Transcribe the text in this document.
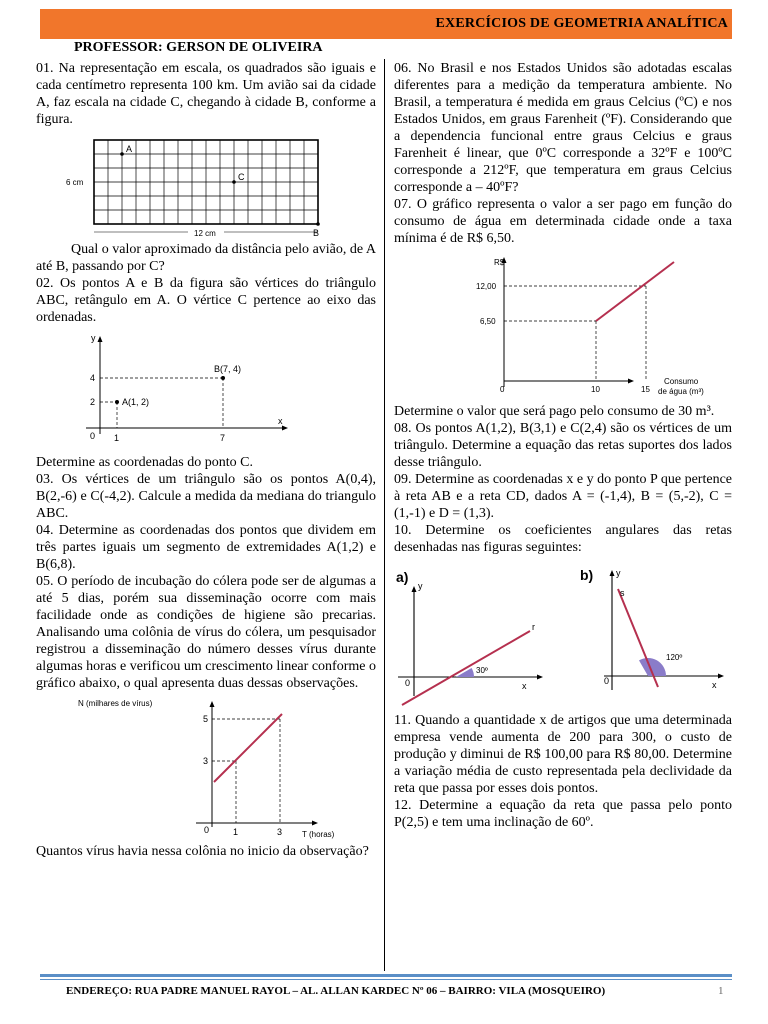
EXERCÍCIOS DE GEOMETRIA ANALÍTICA
PROFESSOR: GERSON DE OLIVEIRA

01. Na representação em escala, os quadrados são iguais e cada centímetro representa 100 km. Um avião sai da cidade A, faz escala na cidade C, chegando à cidade B, conforme a figura.

A
C
B
6 cm
12 cm

Qual o valor aproximado da distância pelo avião, de A até B, passando por C?

02. Os pontos A e B da figura são vértices do triângulo ABC, retângulo em A. O vértice C pertence ao eixo das ordenadas.

y
x
0
4
2
1	7
A(1, 2)
B(7, 4)

Determine as coordenadas do ponto C.

03. Os vértices de um triângulo são os pontos A(0,4), B(2,-6) e C(-4,2). Calcule a medida da mediana do triangulo ABC.

04. Determine as coordenadas dos pontos que dividem em três partes iguais um segmento de extremidades A(1,2) e B(6,8).

05. O período de incubação do cólera pode ser de algumas a até 5 dias, porém sua disseminação ocorre com mais facilidade onde as condições de higiene são precarias. Analisando uma colônia de vírus do cólera, um pesquisador registrou a disseminação do número desses vírus durante algumas horas e verificou um crescimento linear conforme o gráfico abaixo, o qual apresenta duas dessas observações.

N (milhares de vírus)
T (horas)
0
5
3
1	3

Quantos vírus havia nessa colônia no inicio da observação?

06. No Brasil e nos Estados Unidos são adotadas escalas diferentes para a medição da temperatura ambiente. No Brasil, a temperatura é medida em graus Celcius (ºC) e nos Estados Unidos, em graus Farenheit (ºF). Considerando que a dependencia funcional entre graus Celcius e graus Farenheit é linear, que 0ºC corresponde a 32ºF e 100ºC corresponde a 212ºF, que temperatura em graus Celcius corresponde a – 40ºF?

07. O gráfico representa o valor a ser pago em função do consumo de água em determinada cidade onde a taxa mínima é de R$ 6,50.

R$
12,00
6,50
0	10	15
Consumo
de água (m³)

Determine o valor que será pago pelo consumo de 30 m³.

08. Os pontos A(1,2), B(3,1) e C(2,4) são os vértices de um triângulo. Determine a equação das retas suportes dos lados desse triângulo.

09. Determine as coordenadas x e y do ponto P que pertence à reta AB e a reta CD, dados A = (-1,4), B = (5,-2), C = (1,-1) e D = (1,3).

10. Determine os coeficientes angulares das retas desenhadas nas figuras seguintes:

a)
y
x
0
r
30º
b)	y
x
0
s
120º

11. Quando a quantidade x de artigos que uma determinada empresa vende aumenta de 200 para 300, o custo de produção y diminui de R$ 100,00 para R$ 80,00. Determine a variação média de custo representada pela declividade da reta que passa por esses dois pontos.

12. Determine a equação da reta que passa pelo ponto P(2,5) e tem uma inclinação de 60º.

ENDEREÇO: RUA PADRE MANUEL RAYOL – AL. ALLAN KARDEC Nº 06 – BAIRRO: VILA (MOSQUEIRO)	1
